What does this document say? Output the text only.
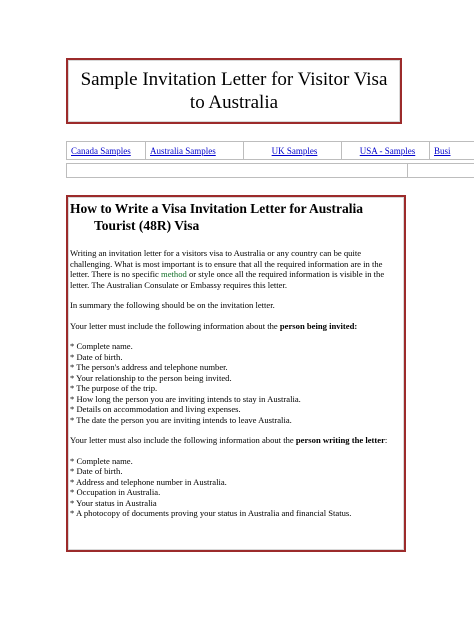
Sample Invitation Letter for Visitor Visa to Australia
Canada Samples	Australia Samples	UK Samples	USA - Samples	Busi
How to Write a Visa Invitation Letter for Australia
Tourist (48R) Visa

Writing an invitation letter for a visitors visa to Australia or any country can be quite challenging. What is most important is to ensure that all the required information are in the letter. There is no specific method or style once all the required information is visible in the letter. The Australian Consulate or Embassy requires this letter.

In summary the following should be on the invitation letter.

Your letter must include the following information about the person being invited:

* Complete name.
* Date of birth.
* The person's address and telephone number.
* Your relationship to the person being invited.
* The purpose of the trip.
* How long the person you are inviting intends to stay in Australia.
* Details on accommodation and living expenses.
* The date the person you are inviting intends to leave Australia.

Your letter must also include the following information about the person writing the letter:

* Complete name.
* Date of birth.
* Address and telephone number in Australia.
* Occupation in Australia.
* Your status in Australia
* A photocopy of documents proving your status in Australia and financial Status.
